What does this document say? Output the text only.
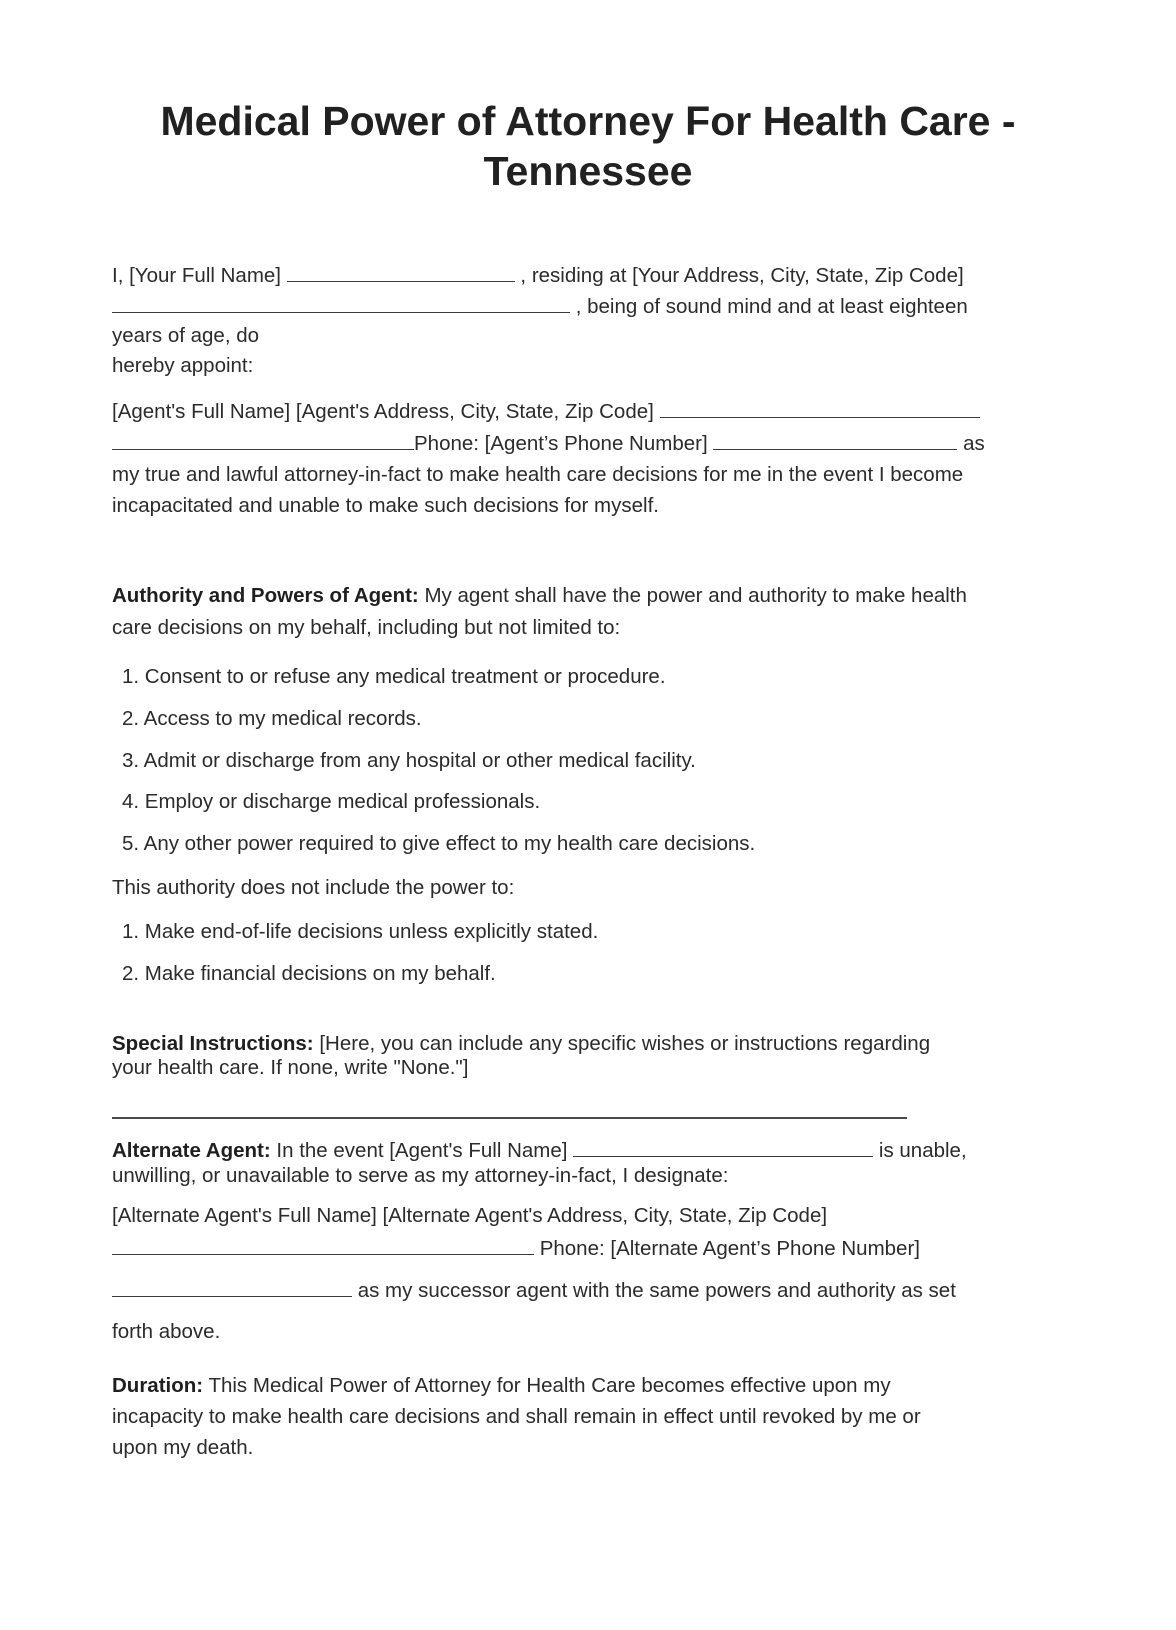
Medical Power of Attorney For Health Care -
Tennessee
I, [Your Full Name]	, residing at [Your Address, City, State, Zip Code]
, being of sound mind and at least eighteen
years of age, do
hereby appoint:
[Agent's Full Name] [Agent's Address, City, State, Zip Code]
Phone: [Agent’s Phone Number]	as
my true and lawful attorney-in-fact to make health care decisions for me in the event I become
incapacitated and unable to make such decisions for myself.
Authority and Powers of Agent: My agent shall have the power and authority to make health
care decisions on my behalf, including but not limited to:
1. Consent to or refuse any medical treatment or procedure.
2. Access to my medical records.
3. Admit or discharge from any hospital or other medical facility.
4. Employ or discharge medical professionals.
5. Any other power required to give effect to my health care decisions.
This authority does not include the power to:
1. Make end-of-life decisions unless explicitly stated.
2. Make financial decisions on my behalf.
Special Instructions: [Here, you can include any specific wishes or instructions regarding
your health care. If none, write "None."]
Alternate Agent: In the event [Agent's Full Name]	is unable,
unwilling, or unavailable to serve as my attorney-in-fact, I designate:
[Alternate Agent's Full Name] [Alternate Agent's Address, City, State, Zip Code]
Phone: [Alternate Agent’s Phone Number]
as my successor agent with the same powers and authority as set
forth above.
Duration: This Medical Power of Attorney for Health Care becomes effective upon my
incapacity to make health care decisions and shall remain in effect until revoked by me or
upon my death.
